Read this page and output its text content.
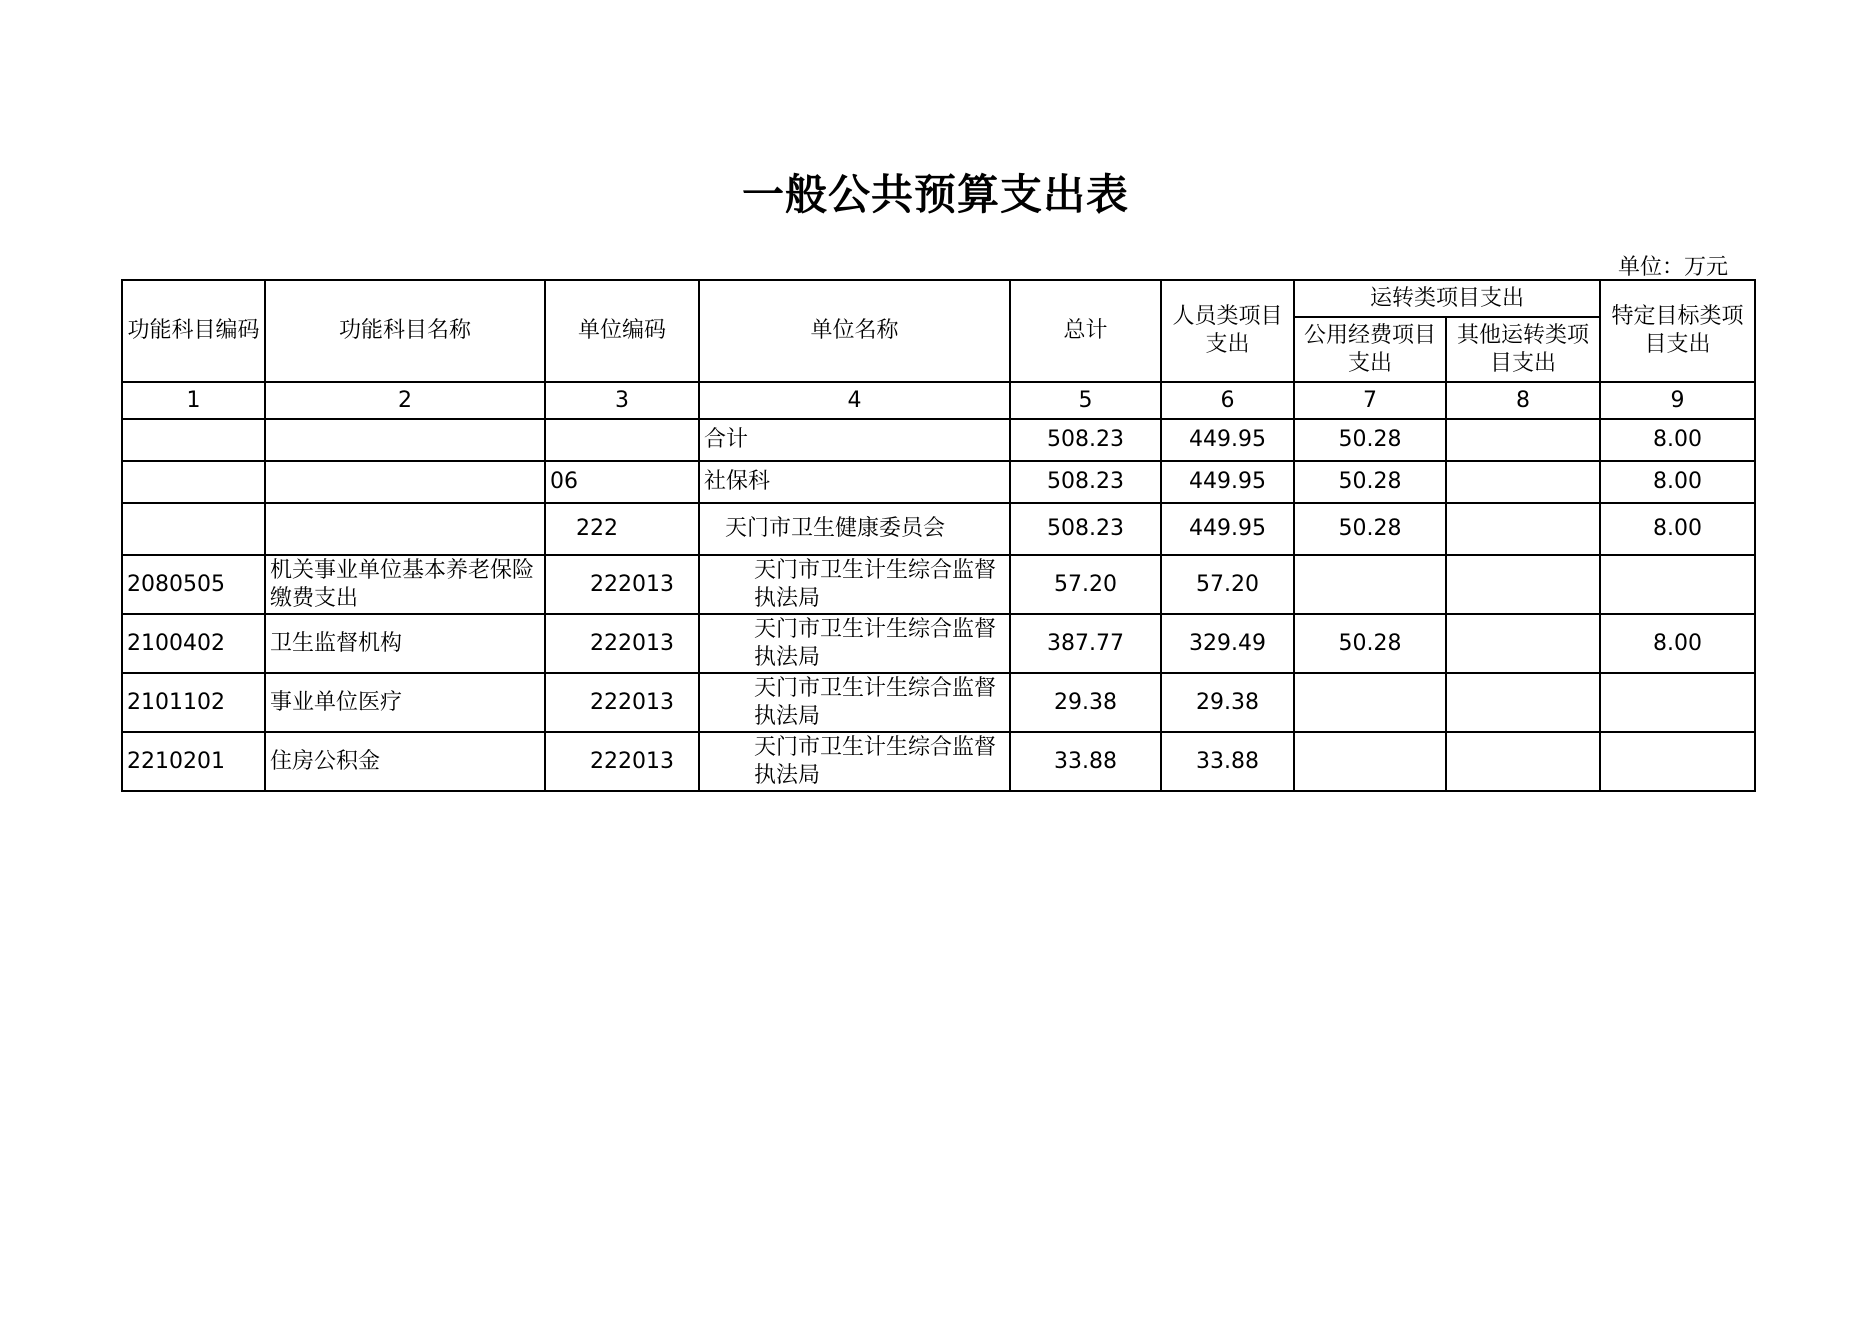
一般公共预算支出表
单位：万元
功能科目编码	功能科目名称	单位编码	单位名称	总计	人员类项目支出	运转类项目支出		特定目标类项目支出
						公用经费项目支出	其他运转类项目支出	
1	2	3	4	5	6	7	8	9
			合计	508.23	449.95	50.28		8.00
		06	社保科	508.23	449.95	50.28		8.00
		222	天门市卫生健康委员会	508.23	449.95	50.28		8.00
2080505	机关事业单位基本养老保险缴费支出	222013	天门市卫生计生综合监督执法局	57.20	57.20			
2100402	卫生监督机构	222013	天门市卫生计生综合监督执法局	387.77	329.49	50.28		8.00
2101102	事业单位医疗	222013	天门市卫生计生综合监督执法局	29.38	29.38			
2210201	住房公积金	222013	天门市卫生计生综合监督执法局	33.88	33.88			
